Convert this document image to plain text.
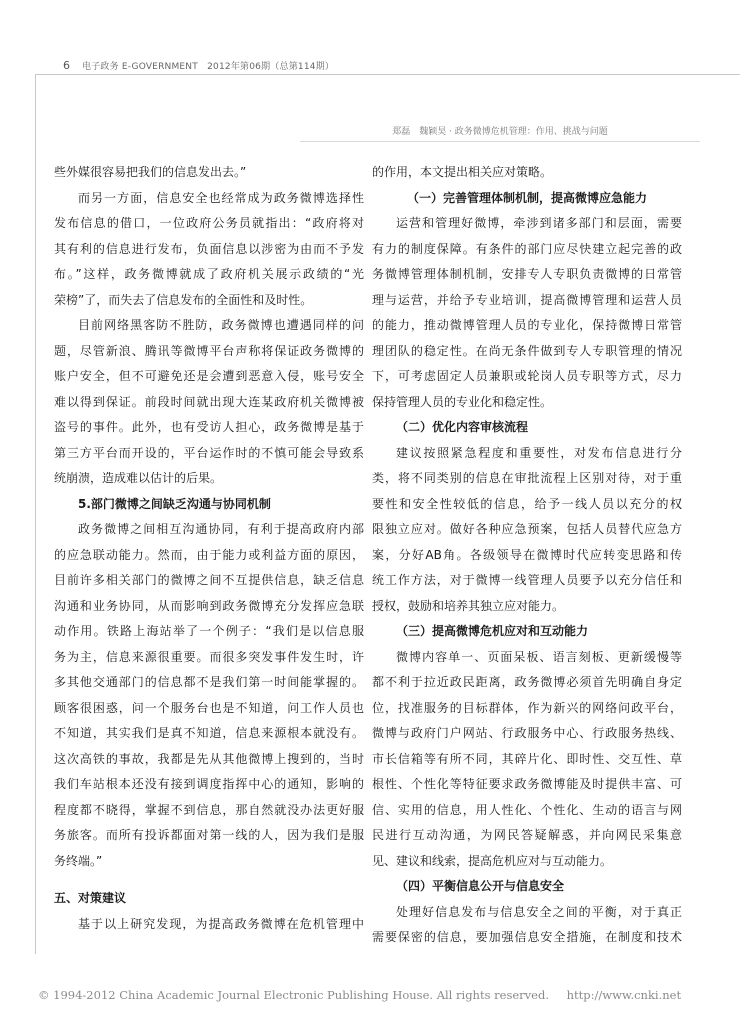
6 电子政务 E-GOVERNMENT　2012年第06期（总第114期）
郑磊　魏颖昊 · 政务微博危机管理：作用、挑战与问题
些外媒很容易把我们的信息发出去。”
而另一方面，信息安全也经常成为政务微博选择性
发布信息的借口，一位政府公务员就指出：“政府将对
其有利的信息进行发布，负面信息以涉密为由而不予发
布。”这样，政务微博就成了政府机关展示政绩的“光
荣榜”了，而失去了信息发布的全面性和及时性。
目前网络黑客防不胜防，政务微博也遭遇同样的问
题，尽管新浪、腾讯等微博平台声称将保证政务微博的
账户安全，但不可避免还是会遭到恶意入侵，账号安全
难以得到保证。前段时间就出现大连某政府机关微博被
盗号的事件。此外，也有受访人担心，政务微博是基于
第三方平台而开设的，平台运作时的不慎可能会导致系
统崩溃，造成难以估计的后果。
5.部门微博之间缺乏沟通与协同机制
政务微博之间相互沟通协同，有利于提高政府内部
的应急联动能力。然而，由于能力或利益方面的原因，
目前许多相关部门的微博之间不互提供信息，缺乏信息
沟通和业务协同，从而影响到政务微博充分发挥应急联
动作用。铁路上海站举了一个例子：“我们是以信息服
务为主，信息来源很重要。而很多突发事件发生时，许
多其他交通部门的信息都不是我们第一时间能掌握的。
顾客很困惑，问一个服务台也是不知道，问工作人员也
不知道，其实我们是真不知道，信息来源根本就没有。
这次高铁的事故，我都是先从其他微博上搜到的，当时
我们车站根本还没有接到调度指挥中心的通知，影响的
程度都不晓得，掌握不到信息，那自然就没办法更好服
务旅客。而所有投诉都面对第一线的人，因为我们是服
务终端。”
五、对策建议
基于以上研究发现，为提高政务微博在危机管理中
的作用，本文提出相关应对策略。
（一）完善管理体制机制，提高微博应急能力
运营和管理好微博，牵涉到诸多部门和层面，需要
有力的制度保障。有条件的部门应尽快建立起完善的政
务微博管理体制机制，安排专人专职负责微博的日常管
理与运营，并给予专业培训，提高微博管理和运营人员
的能力，推动微博管理人员的专业化，保持微博日常管
理团队的稳定性。在尚无条件做到专人专职管理的情况
下，可考虑固定人员兼职或轮岗人员专职等方式，尽力
保持管理人员的专业化和稳定性。
（二）优化内容审核流程
建议按照紧急程度和重要性，对发布信息进行分
类，将不同类别的信息在审批流程上区别对待，对于重
要性和安全性较低的信息，给予一线人员以充分的权
限独立应对。做好各种应急预案，包括人员替代应急方
案，分好AB角。各级领导在微博时代应转变思路和传
统工作方法，对于微博一线管理人员要予以充分信任和
授权，鼓励和培养其独立应对能力。
（三）提高微博危机应对和互动能力
微博内容单一、页面呆板、语言刻板、更新缓慢等
都不利于拉近政民距离，政务微博必须首先明确自身定
位，找准服务的目标群体，作为新兴的网络问政平台，
微博与政府门户网站、行政服务中心、行政服务热线、
市长信箱等有所不同，其碎片化、即时性、交互性、草
根性、个性化等特征要求政务微博能及时提供丰富、可
信、实用的信息，用人性化、个性化、生动的语言与网
民进行互动沟通，为网民答疑解惑，并向网民采集意
见、建议和线索，提高危机应对与互动能力。
（四）平衡信息公开与信息安全
处理好信息发布与信息安全之间的平衡，对于真正
需要保密的信息，要加强信息安全措施，在制度和技术
© 1994-2012 China Academic Journal Electronic Publishing House. All rights reserved. http://www.cnki.net
